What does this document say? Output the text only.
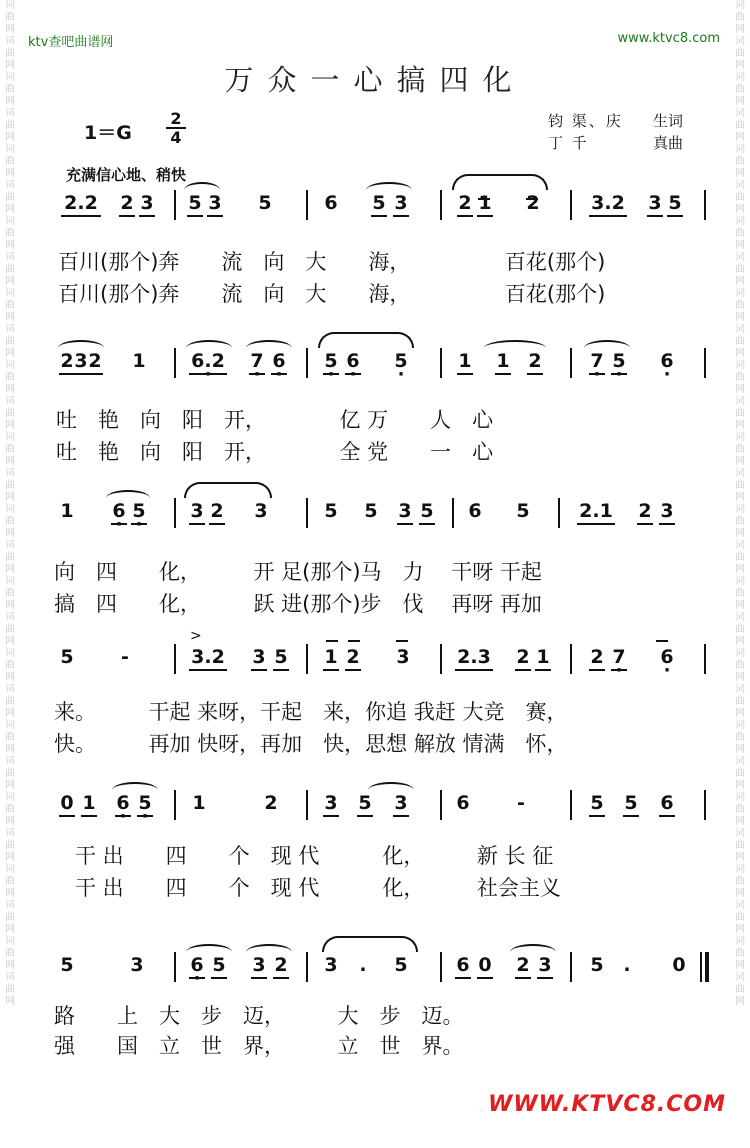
词曲网词曲网词曲网词曲网词曲网词曲网词曲网词曲网词曲网词曲网词曲网词曲网词曲网词曲网词曲网词曲网词曲网词曲网词曲网词曲网词曲网词曲网词曲网词曲网词曲网词曲网词曲网词曲网
词曲网词曲网词曲网词曲网词曲网词曲网词曲网词曲网词曲网词曲网词曲网词曲网词曲网词曲网词曲网词曲网词曲网词曲网词曲网词曲网词曲网词曲网词曲网词曲网词曲网词曲网词曲网词曲网
ktv查吧曲谱网	www.ktvc8.com
万众一心搞四化
1＝G
2
4
钧 渠、庆	生词
丁 千	真曲
充满信心地、稍快
2.2 2 3 5 3 5	6 5 3	2 1 2	3.2 3 5
百川(那个)奔　　流　向　大　　海，　　　　　百花(那个)
百川(那个)奔　　流　向　大　　海，　　　　　百花(那个)
2 3 2 1 · 6.2 · 7 · 6 · 5 · 6 · 5	1 1 2	· 7 · 5 · 6
吐　艳　向　阳　开，　　　　亿 万　　人　心
吐　艳　向　阳　开，　　　　全 党　　一　心
1 · 6 · 5 3 2 3	5 5 3 5 6 5	2.1 2 3
向　四　　化，　　　开 足(那个)马　力　 干呀 干起
搞　四　　化，　　　跃 进(那个)步　伐　 再呀 再加
>
5 -	3.2 3 5 1 2 3	2.3 2 1 2 · 7 · 6
来。　　　干起 来呀，干起　来，你追 我赶 大竞　赛，
快。　　　再加 快呀，再加　快，思想 解放 情满　怀，
0 1 · 6 · 5 1	2 3 5 3	6 -	5 5 6
　干 出　　四　　个　现 代　　　化，　　　新 长 征
　干 出　　四　　个　现 代　　　化，　　　社会主义
5	3 · 6 5 3 2 3 . 5	6 0 2 3 5 . 0
路　　上　大　步　迈，　　　大　步　迈。
强　　国　立　世　界，　　　立　世　界。
WWW.KTVC8.COM
